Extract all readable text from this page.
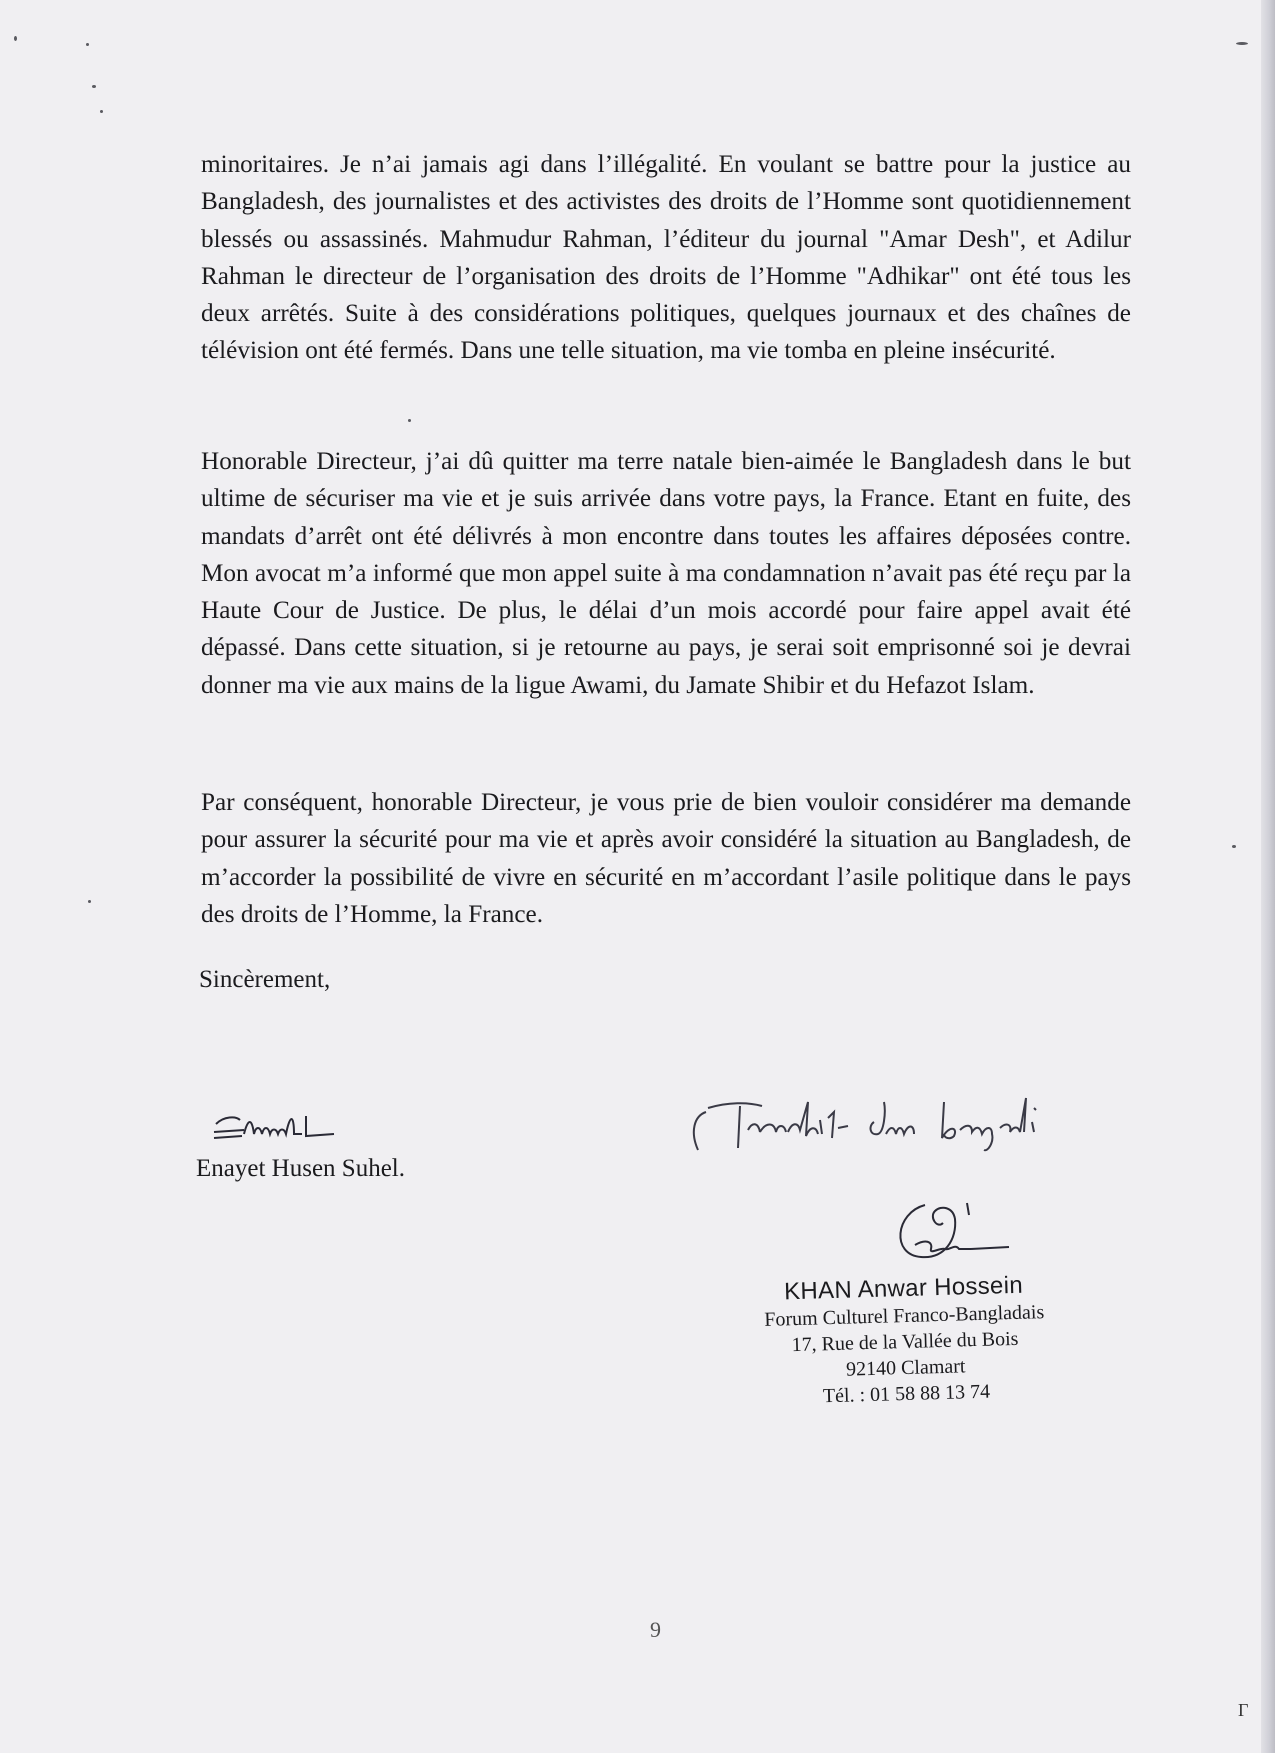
minoritaires. Je n’ai jamais agi dans l’illégalité. En voulant se battre pour la justice au Bangladesh, des journalistes et des activistes des droits de l’Homme sont quotidiennement blessés ou assassinés. Mahmudur Rahman, l’éditeur du journal "Amar Desh", et Adilur Rahman le directeur de l’organisation des droits de l’Homme "Adhikar" ont été tous les deux arrêtés. Suite à des considérations politiques, quelques journaux et des chaînes de télévision ont été fermés. Dans une telle situation, ma vie tomba en pleine insécurité.

Honorable Directeur, j’ai dû quitter ma terre natale bien-aimée le Bangladesh dans le but ultime de sécuriser ma vie et je suis arrivée dans votre pays, la France. Etant en fuite, des mandats d’arrêt ont été délivrés à mon encontre dans toutes les affaires déposées contre. Mon avocat m’a informé que mon appel suite à ma condamnation n’avait pas été reçu par la Haute Cour de Justice. De plus, le délai d’un mois accordé pour faire appel avait été dépassé. Dans cette situation, si je retourne au pays, je serai soit emprisonné soi je devrai donner ma vie aux mains de la ligue Awami, du Jamate Shibir et du Hefazot Islam.

Par conséquent, honorable Directeur, je vous prie de bien vouloir considérer ma demande pour assurer la sécurité pour ma vie et après avoir considéré la situation au Bangladesh, de m’accorder la possibilité de vivre en sécurité en m’accordant l’asile politique dans le pays des droits de l’Homme, la France.

Sincèrement,

Enayet Husen Suhel.

KHAN Anwar Hossein

Forum Culturel Franco-Bangladais

17, Rue de la Vallée du Bois

92140 Clamart

Tél. : 01 58 88 13 74

9
Γ
